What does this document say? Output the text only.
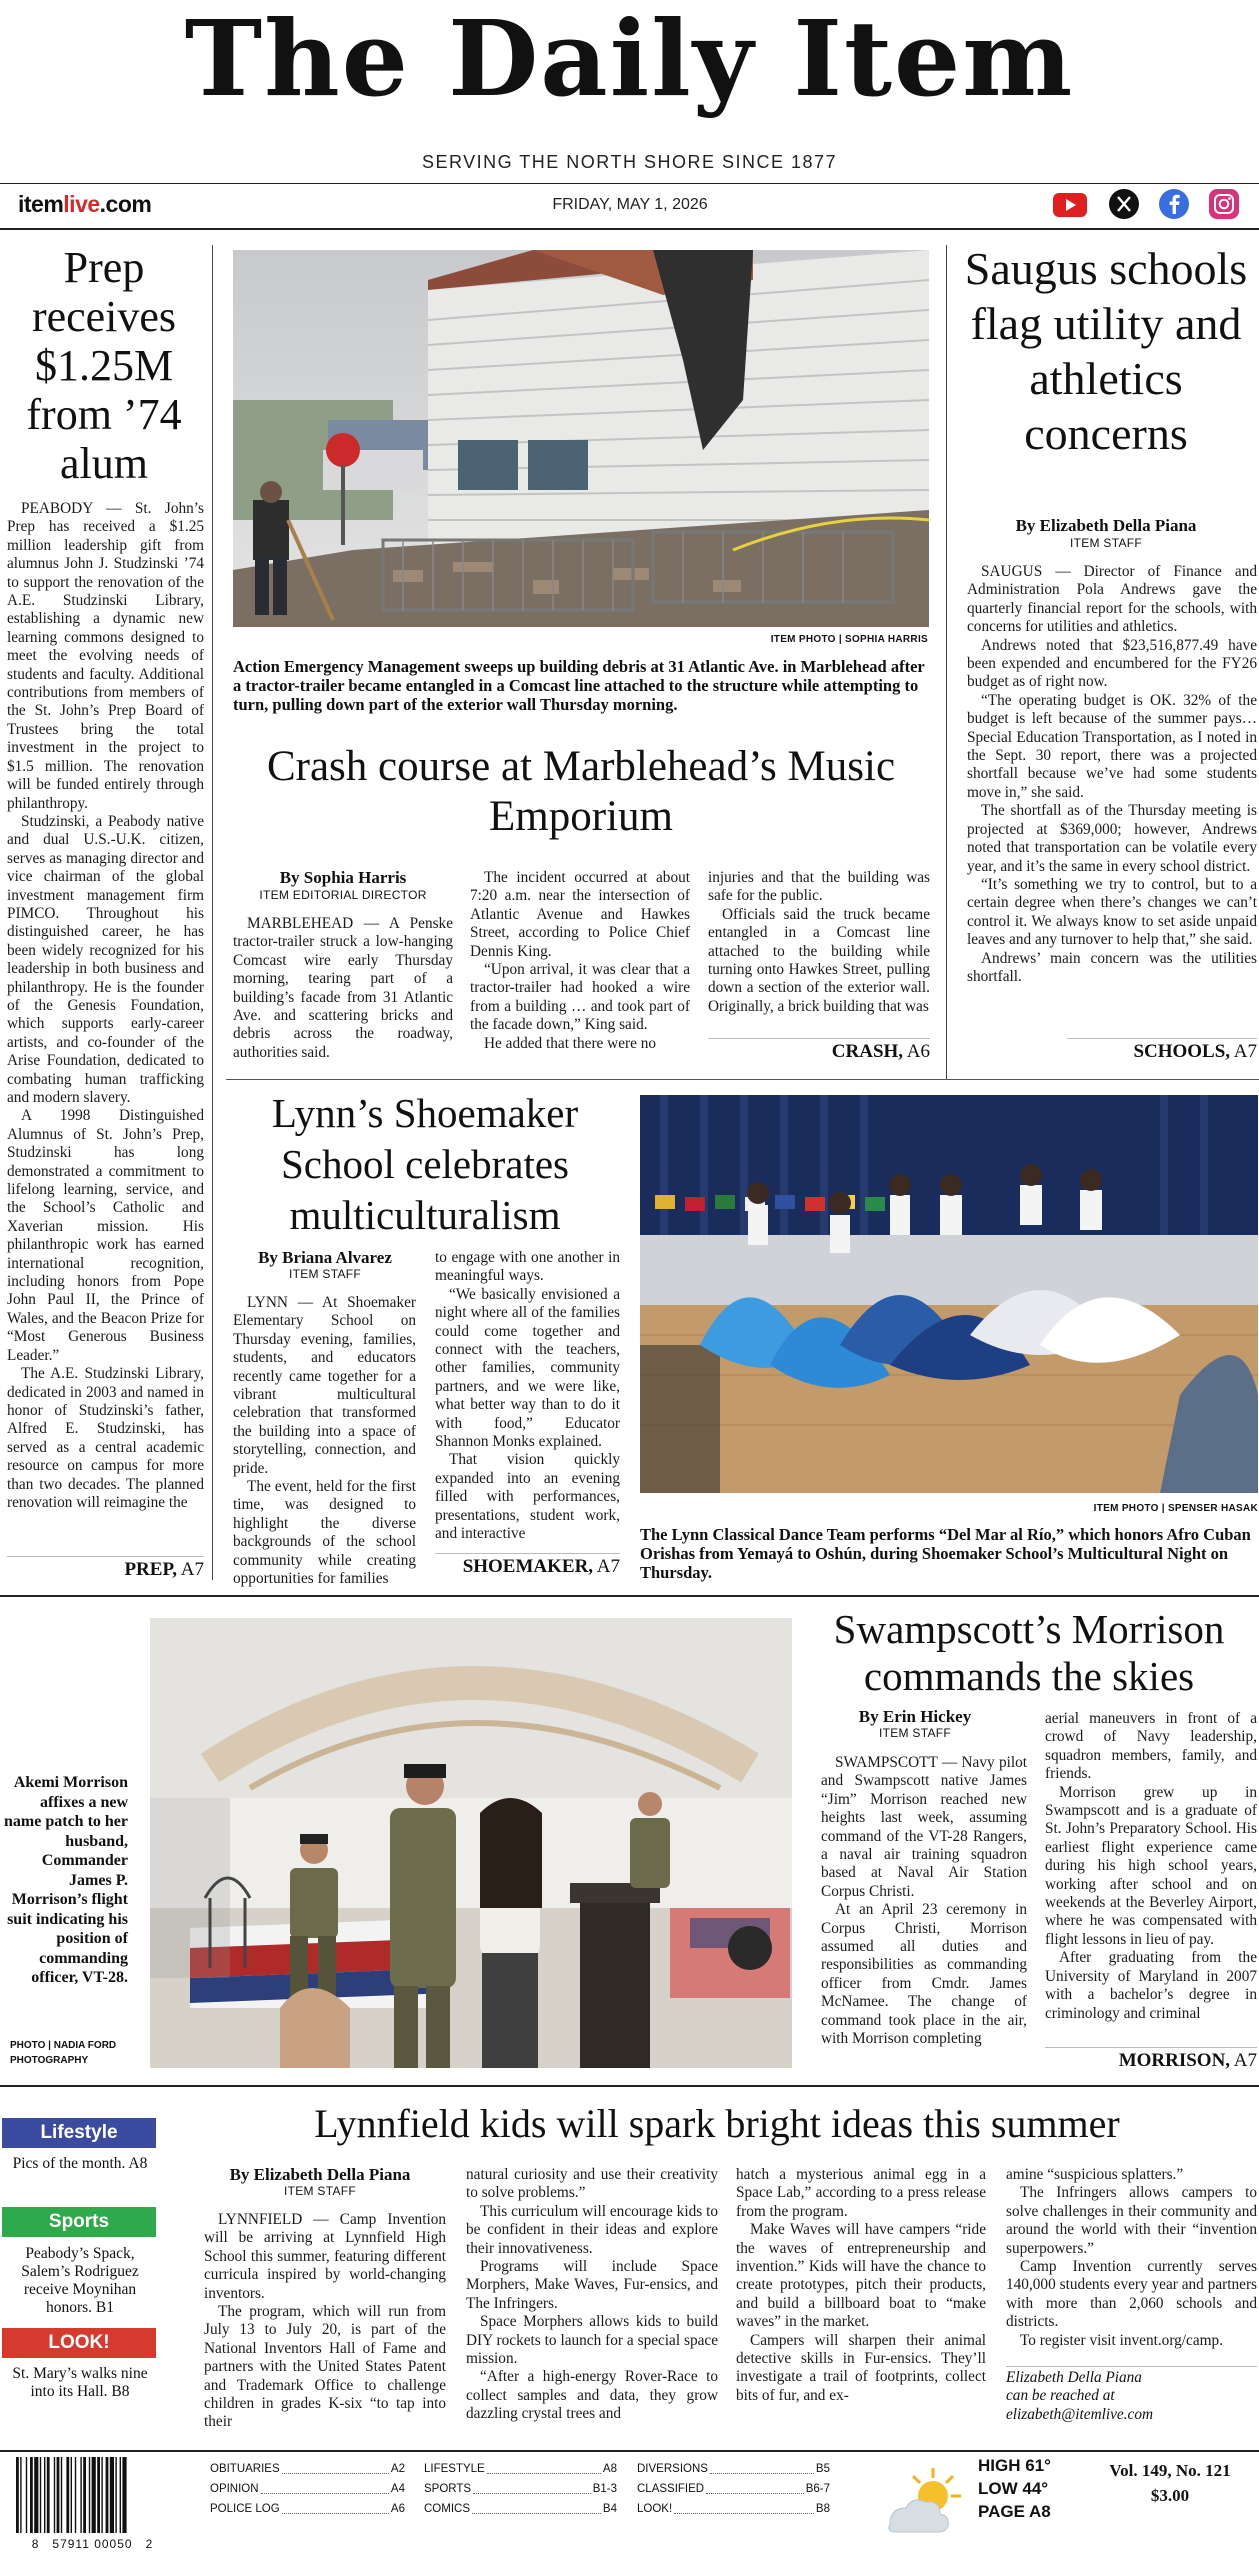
The Daily Item
SERVING THE NORTH SHORE SINCE 1877
itemlive.com	FRIDAY, MAY 1, 2026
Prep receives $1.25M from ’74 alum

PEABODY — St. John’s Prep has received a $1.25 million leadership gift from alumnus John J. Studzinski ’74 to support the renovation of the A.E. Studzinski Library, establishing a dynamic new learning commons designed to meet the evolving needs of students and faculty. Additional contributions from members of the St. John’s Prep Board of Trustees bring the total investment in the project to $1.5 million. The renovation will be funded entirely through philanthropy.

Studzinski, a Peabody native and dual U.S.-U.K. citizen, serves as managing director and vice chairman of the global investment management firm PIMCO. Throughout his distinguished career, he has been widely recognized for his leadership in both business and philanthropy. He is the founder of the Genesis Foundation, which supports early-career artists, and co-founder of the Arise Foundation, dedicated to combating human trafficking and modern slavery.

A 1998 Distinguished Alumnus of St. John’s Prep, Studzinski has long demonstrated a commitment to lifelong learning, service, and the School’s Catholic and Xaverian mission. His philanthropic work has earned international recognition, including honors from Pope John Paul II, the Prince of Wales, and the Beacon Prize for “Most Generous Business Leader.”

The A.E. Studzinski Library, dedicated in 2003 and named in honor of Studzinski’s father, Alfred E. Studzinski, has served as a central academic resource on campus for more than two decades. The planned renovation will reimagine the

PREP, A7
ITEM PHOTO | SOPHIA HARRIS
Action Emergency Management sweeps up building debris at 31 Atlantic Ave. in Marblehead after a tractor-trailer became entangled in a Comcast line attached to the structure while attempting to turn, pulling down part of the exterior wall Thursday morning.
Crash course at Marblehead’s Music Emporium
By Sophia Harris
ITEM EDITORIAL DIRECTOR

MARBLEHEAD — A Penske tractor-trailer struck a low-hanging Comcast wire early Thursday morning, tearing part of a building’s facade from 31 Atlantic Ave. and scattering bricks and debris across the roadway, authorities said.

The incident occurred at about 7:20 a.m. near the intersection of Atlantic Avenue and Hawkes Street, according to Police Chief Dennis King.

“Upon arrival, it was clear that a tractor-trailer had hooked a wire from a building … and took part of the facade down,” King said.

He added that there were no

injuries and that the building was safe for the public.

Officials said the truck became entangled in a Comcast line attached to the building while turning onto Hawkes Street, pulling down a section of the exterior wall. Originally, a brick building that was

CRASH, A6
Saugus schools flag utility and athletics concerns
By Elizabeth Della Piana
ITEM STAFF

SAUGUS — Director of Finance and Administration Pola Andrews gave the quarterly financial report for the schools, with concerns for utilities and athletics.

Andrews noted that $23,516,877.49 have been expended and encumbered for the FY26 budget as of right now.

“The operating budget is OK. 32% of the budget is left because of the summer pays… Special Education Transportation, as I noted in the Sept. 30 report, there was a projected shortfall because we’ve had some students move in,” she said.

The shortfall as of the Thursday meeting is projected at $369,000; however, Andrews noted that transportation can be volatile every year, and it’s the same in every school district.

“It’s something we try to control, but to a certain degree when there’s changes we can’t control it. We always know to set aside unpaid leaves and any turnover to help that,” she said.

Andrews’ main concern was the utilities shortfall.

SCHOOLS, A7
Lynn’s Shoemaker School celebrates multiculturalism
By Briana Alvarez
ITEM STAFF

LYNN — At Shoemaker Elementary School on Thursday evening, families, students, and educators recently came together for a vibrant multicultural celebration that transformed the building into a space of storytelling, connection, and pride.

The event, held for the first time, was designed to highlight the diverse backgrounds of the school community while creating opportunities for families

to engage with one another in meaningful ways.

“We basically envisioned a night where all of the families could come together and connect with the teachers, other families, community partners, and we were like, what better way than to do it with food,” Educator Shannon Monks explained.

That vision quickly expanded into an evening filled with performances, presentations, student work, and interactive

SHOEMAKER, A7
ITEM PHOTO | SPENSER HASAK
The Lynn Classical Dance Team performs “Del Mar al Río,” which honors Afro Cuban Orishas from Yemayá to Oshún, during Shoemaker School’s Multicultural Night on Thursday.
Akemi Morrison affixes a new name patch to her husband, Commander James P. Morrison’s flight suit indicating his position of commanding officer, VT-28.
PHOTO | NADIA FORD PHOTOGRAPHY
Swampscott’s Morrison commands the skies
By Erin Hickey
ITEM STAFF

SWAMPSCOTT — Navy pilot and Swampscott native James “Jim” Morrison reached new heights last week, assuming command of the VT-28 Rangers, a naval air training squadron based at Naval Air Station Corpus Christi.

At an April 23 ceremony in Corpus Christi, Morrison assumed all duties and responsibilities as commanding officer from Cmdr. James McNamee. The change of command took place in the air, with Morrison completing

aerial maneuvers in front of a crowd of Navy leadership, squadron members, family, and friends.

Morrison grew up in Swampscott and is a graduate of St. John’s Preparatory School. His earliest flight experience came during his high school years, working after school and on weekends at the Beverley Airport, where he was compensated with flight lessons in lieu of pay.

After graduating from the University of Maryland in 2007 with a bachelor’s degree in criminology and criminal

MORRISON, A7
Lifestyle
Pics of the month. A8
Sports
Peabody’s Spack, Salem’s Rodriguez receive Moynihan honors. B1
LOOK!
St. Mary’s walks nine into its Hall. B8
Lynnfield kids will spark bright ideas this summer
By Elizabeth Della Piana
ITEM STAFF

LYNNFIELD — Camp Invention will be arriving at Lynnfield High School this summer, featuring different curricula inspired by world-changing inventors.

The program, which will run from July 13 to July 20, is part of the National Inventors Hall of Fame and partners with the United States Patent and Trademark Office to challenge children in grades K-six “to tap into their

natural curiosity and use their creativity to solve problems.”

This curriculum will encourage kids to be confident in their ideas and explore their innovativeness.

Programs will include Space Morphers, Make Waves, Fur-ensics, and The Infringers.

Space Morphers allows kids to build DIY rockets to launch for a special space mission.

“After a high-energy Rover-Race to collect samples and data, they grow dazzling crystal trees and

hatch a mysterious animal egg in a Space Lab,” according to a press release from the program.

Make Waves will have campers “ride the waves of entrepreneurship and invention.” Kids will have the chance to create prototypes, pitch their products, and build a billboard boat to “make waves” in the market.

Campers will sharpen their animal detective skills in Fur-ensics. They’ll investigate a trail of footprints, collect bits of fur, and ex-

amine “suspicious splatters.”

The Infringers allows campers to solve challenges in their community and around the world with their “invention superpowers.”

Camp Invention currently serves 140,000 students every year and partners with more than 2,060 schools and districts.

To register visit invent.org/camp.

Elizabeth Della Piana
can be reached at
elizabeth@itemlive.com
8   57911 00050   2
OBITUARIES	A2
OPINION	A4
POLICE LOG	A6
LIFESTYLE	A8
SPORTS	B1-3
COMICS	B4
DIVERSIONS	B5
CLASSIFIED	B6-7
LOOK!	B8
HIGH 61°
LOW 44°
PAGE A8
Vol. 149, No. 121
$3.00
